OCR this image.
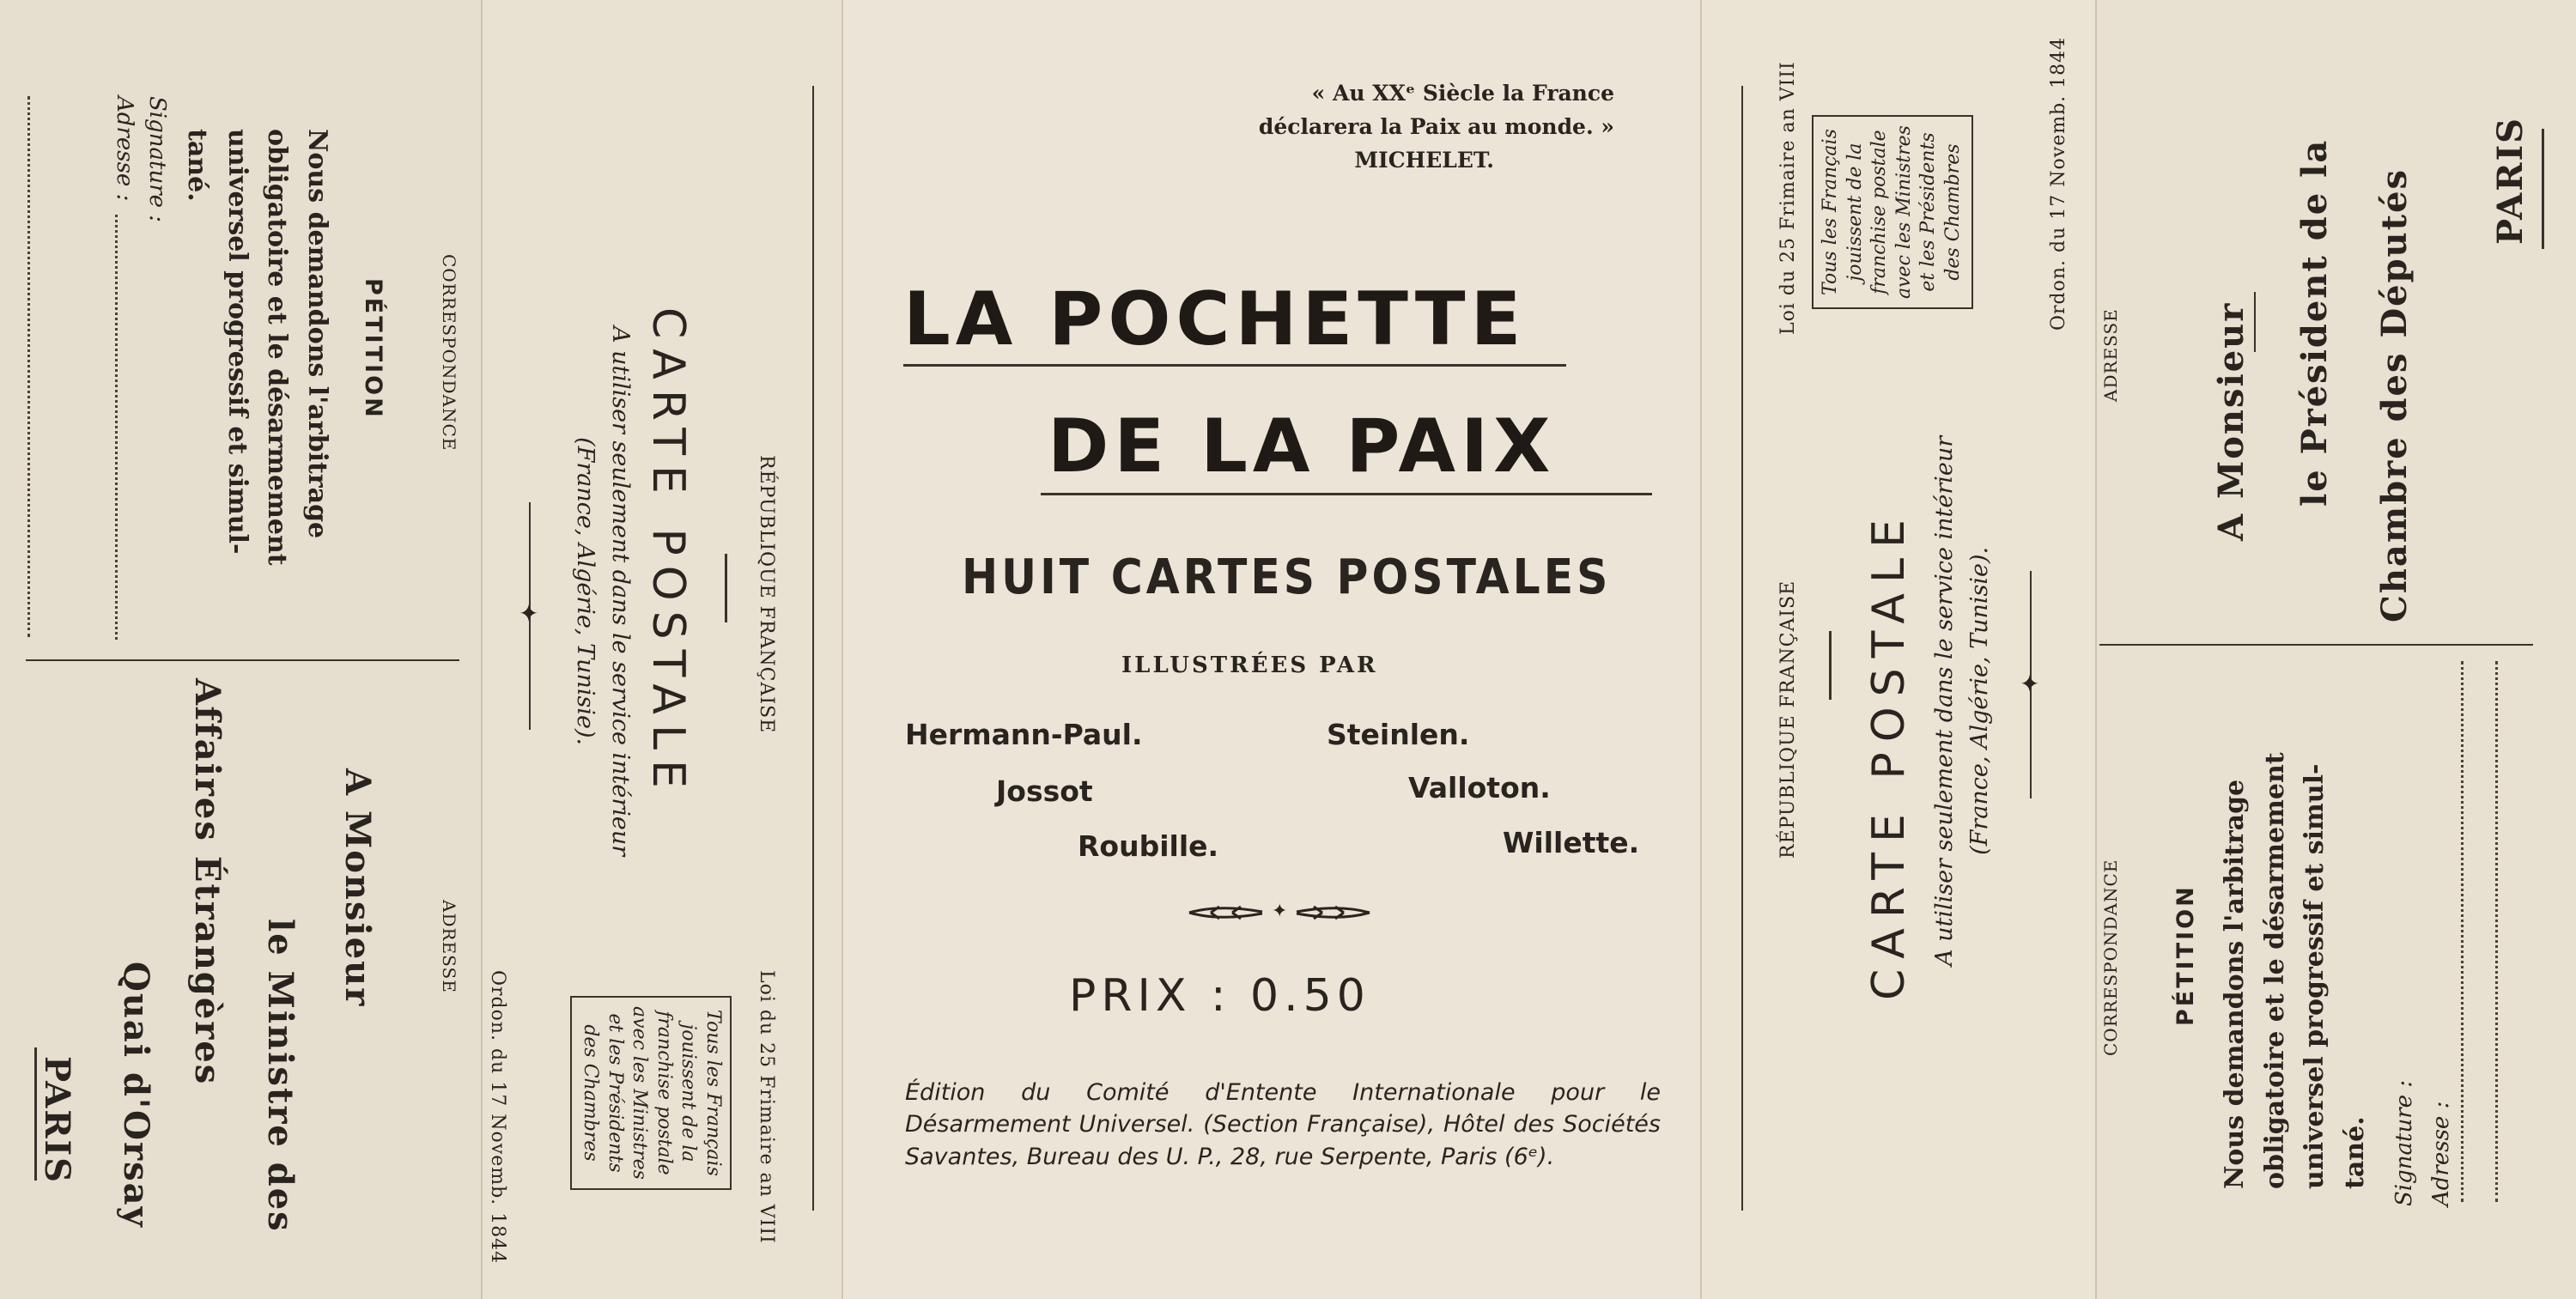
« Au XXᵉ Siècle la France
déclarera la Paix au monde. »
MICHELET.
LA POCHETTE
DE LA PAIX
HUIT CARTES POSTALES
ILLUSTRÉES PAR
Hermann-Paul.	Steinlen.
Jossot	Valloton.
Roubille.	Willette.
✦
PRIX : 0.50
Édition du Comité d'Entente Internationale pour le Désarmement Universel. (Section Française), Hôtel des Sociétés Savantes, Bureau des U. P., 28, rue Serpente, Paris (6ᵉ).
RÉPUBLIQUE FRANÇAISE
Loi du 25 Frimaire an VIII
CARTE POSTALE
A utiliser seulement dans le service intérieur
(France, Algérie, Tunisie).
✦
Tous les Français
jouissent de la
franchise postale
avec les Ministres
et les Présidents
des Chambres
Ordon. du 17 Novemb. 1844
CORRESPONDANCE
ADRESSE
PÉTITION
Nous demandons l'arbitrage
obligatoire et le désarmement
universel progressif et simul-
tané.
Signature :
Adresse :
A Monsieur
le Ministre des
Affaires Étrangères
Quai d'Orsay
PARIS
Loi du 25 Frimaire an VIII Tous les Français jouissent de la franchise postale avec les Ministres et les Présidents des Chambres	Ordon. du 17 Novemb. 1844
RÉPUBLIQUE FRANÇAISE CARTE POSTALE A utiliser seulement dans le service intérieur (France, Algérie, Tunisie). ✦
ADRESSE	A Monsieur le Président de la Chambre des Députés PARIS
CORRESPONDANCE PÉTITION Nous demandons l'arbitrage obligatoire et le désarmement universel progressif et simul- tané. Signature : Adresse :
